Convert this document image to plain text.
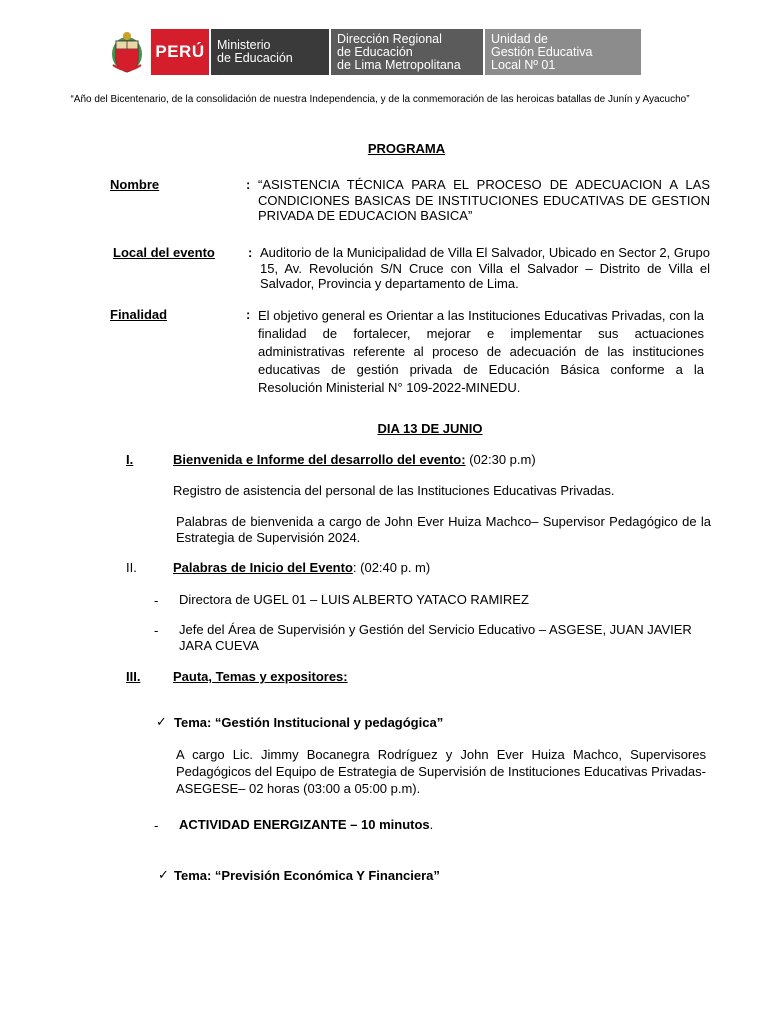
PERÚ Ministerio
de Educación
Dirección Regional
de Educación
de Lima Metropolitana
Unidad de
Gestión Educativa
Local Nº 01
“Año del Bicentenario, de la consolidación de nuestra Independencia, y de la conmemoración de las heroicas batallas de Junín y Ayacucho”
PROGRAMA
Nombre	: “ASISTENCIA TÉCNICA PARA EL PROCESO DE ADECUACION A LAS CONDICIONES BASICAS DE INSTITUCIONES EDUCATIVAS DE GESTION PRIVADA DE EDUCACION BASICA”
Local del evento	: Auditorio de la Municipalidad de Villa El Salvador, Ubicado en Sector 2, Grupo 15, Av. Revolución S/N Cruce con Villa el Salvador – Distrito de Villa el Salvador, Provincia y departamento de Lima.
Finalidad	: El objetivo general es Orientar a las Instituciones Educativas Privadas, con la finalidad de fortalecer, mejorar e implementar sus actuaciones administrativas referente al proceso de adecuación de las instituciones educativas de gestión privada de Educación Básica conforme a la Resolución Ministerial N° 109-2022-MINEDU.
DIA 13 DE JUNIO
I.	Bienvenida e Informe del desarrollo del evento: (02:30 p.m)
Registro de asistencia del personal de las Instituciones Educativas Privadas.
Palabras de bienvenida a cargo de John Ever Huiza Machco– Supervisor Pedagógico de la Estrategia de Supervisión 2024.
II.	Palabras de Inicio del Evento: (02:40 p. m)
- Directora de UGEL 01 – LUIS ALBERTO YATACO RAMIREZ
- Jefe del Área de Supervisión y Gestión del Servicio Educativo – ASGESE, JUAN JAVIER JARA CUEVA
III.	Pauta, Temas y expositores:
✓ Tema: “Gestión Institucional y pedagógica”
A cargo Lic. Jimmy Bocanegra Rodríguez y John Ever Huiza Machco, Supervisores Pedagógicos del Equipo de Estrategia de Supervisión de Instituciones Educativas Privadas- ASEGESE– 02 horas (03:00 a 05:00 p.m).
- ACTIVIDAD ENERGIZANTE – 10 minutos.
✓ Tema: “Previsión Económica Y Financiera”
